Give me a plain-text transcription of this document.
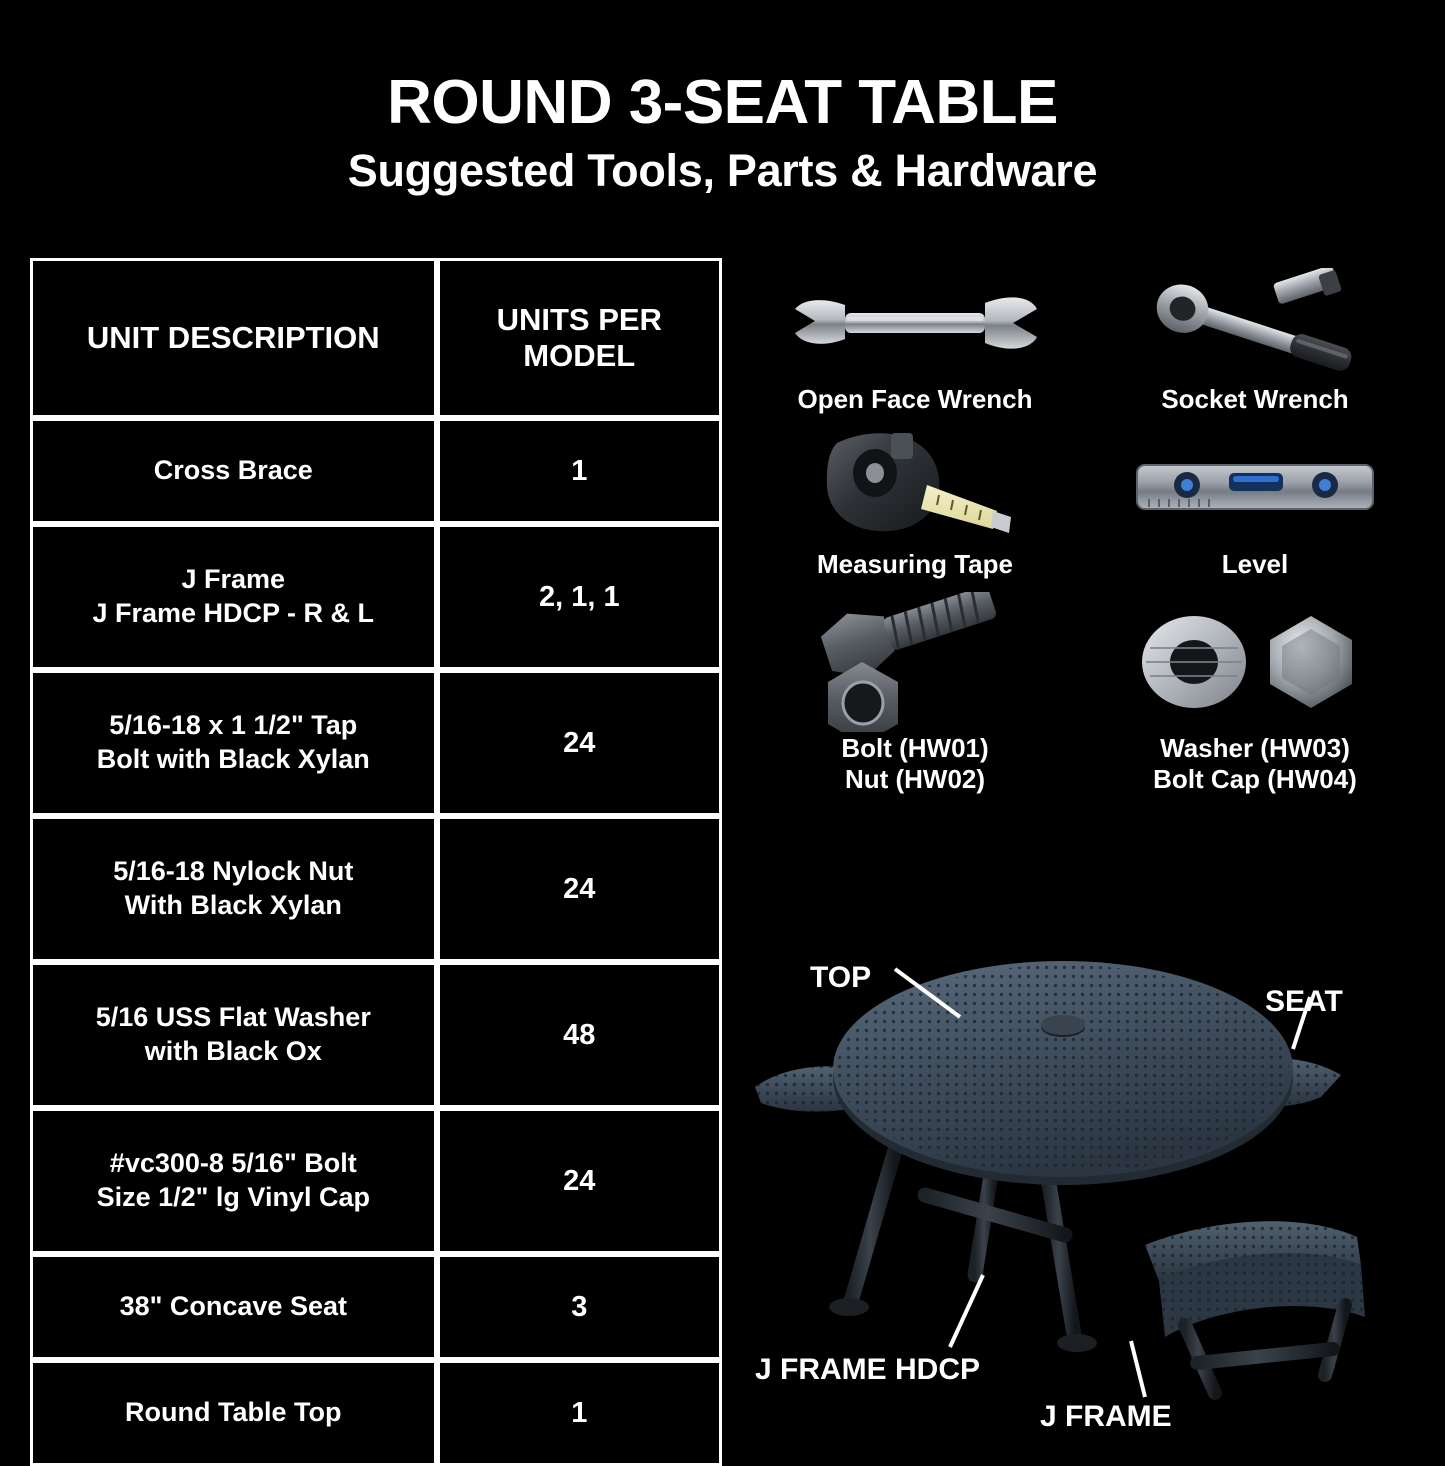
ROUND 3-SEAT TABLE
Suggested Tools, Parts & Hardware
UNIT DESCRIPTION	UNITS PER MODEL
Cross Brace	1

J Frame
J Frame HDCP - R & L	2, 1, 1

5/16-18 x 1 1/2" Tap
Bolt with Black Xylan	24

5/16-18 Nylock Nut
With Black Xylan	24

5/16 USS Flat Washer
with Black Ox	48

#vc300-8 5/16" Bolt
Size 1/2" lg Vinyl Cap	24
38" Concave Seat	3
Round Table Top	1
Open Face Wrench	Socket Wrench
Measuring Tape	Level
Bolt (HW01)
Nut (HW02)
Washer (HW03)
Bolt Cap (HW04)
TOP
SEAT
J FRAME HDCP
J FRAME
